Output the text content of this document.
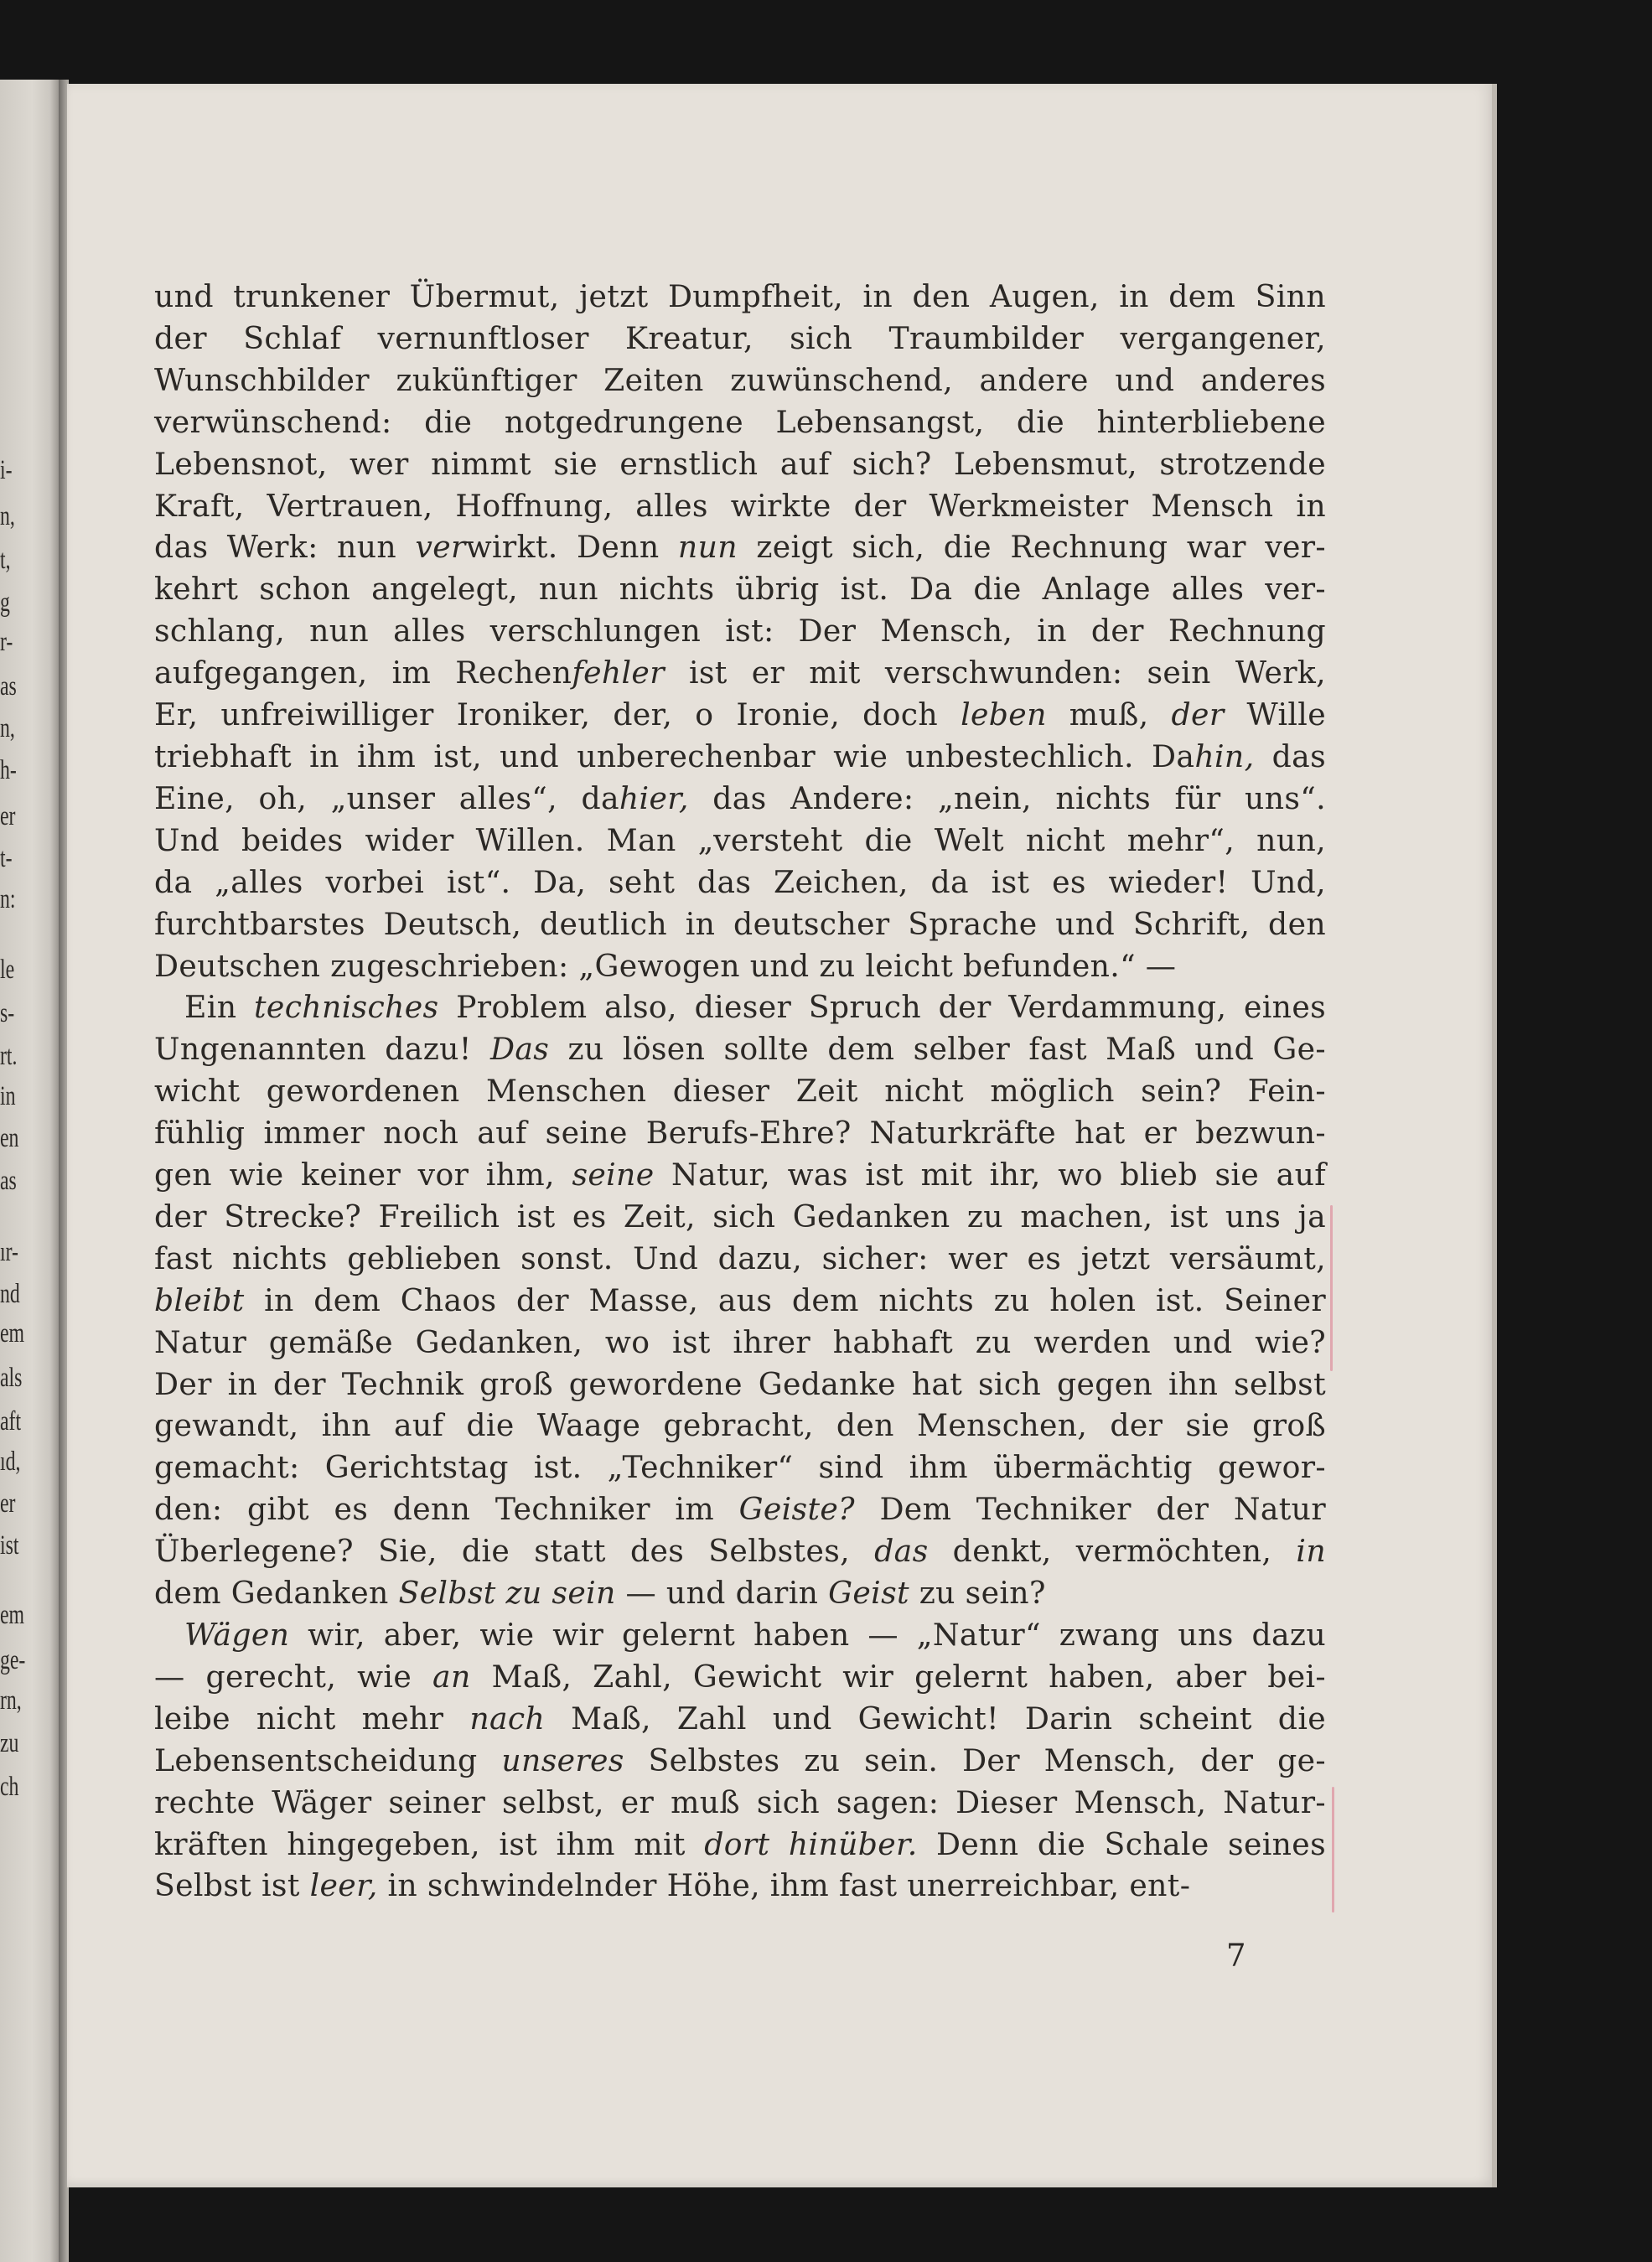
i-
n,
t,
g
r-
as
n,
h-
er
t-
n:
le
s-
rt.
in
en
as
ır-
nd
em
als
aft
ıd,
er
ist
em
ge-
rn,
zu
ch
und trunkener Übermut, jetzt Dumpfheit, in den Augen, in dem Sinn
der Schlaf vernunftloser Kreatur, sich Traumbilder vergangener,
Wunschbilder zukünftiger Zeiten zuwünschend, andere und anderes
verwünschend: die notgedrungene Lebensangst, die hinterbliebene
Lebensnot, wer nimmt sie ernstlich auf sich? Lebensmut, strotzende
Kraft, Vertrauen, Hoffnung, alles wirkte der Werkmeister Mensch in
das Werk: nun verwirkt. Denn nun zeigt sich, die Rechnung war ver-
kehrt schon angelegt, nun nichts übrig ist. Da die Anlage alles ver-
schlang, nun alles verschlungen ist: Der Mensch, in der Rechnung
aufgegangen, im Rechenfehler ist er mit verschwunden: sein Werk,
Er, unfreiwilliger Ironiker, der, o Ironie, doch leben muß, der Wille
triebhaft in ihm ist, und unberechenbar wie unbestechlich. Dahin, das
Eine, oh, „unser alles“, dahier, das Andere: „nein, nichts für uns“.
Und beides wider Willen. Man „versteht die Welt nicht mehr“, nun,
da „alles vorbei ist“. Da, seht das Zeichen, da ist es wieder! Und,
furchtbarstes Deutsch, deutlich in deutscher Sprache und Schrift, den
Deutschen zugeschrieben: „Gewogen und zu leicht befunden.“ —
Ein technisches Problem also, dieser Spruch der Verdammung, eines
Ungenannten dazu! Das zu lösen sollte dem selber fast Maß und Ge-
wicht gewordenen Menschen dieser Zeit nicht möglich sein? Fein-
fühlig immer noch auf seine Berufs-Ehre? Naturkräfte hat er bezwun-
gen wie keiner vor ihm, seine Natur, was ist mit ihr, wo blieb sie auf
der Strecke? Freilich ist es Zeit, sich Gedanken zu machen, ist uns ja
fast nichts geblieben sonst. Und dazu, sicher: wer es jetzt versäumt,
bleibt in dem Chaos der Masse, aus dem nichts zu holen ist. Seiner
Natur gemäße Gedanken, wo ist ihrer habhaft zu werden und wie?
Der in der Technik groß gewordene Gedanke hat sich gegen ihn selbst
gewandt, ihn auf die Waage gebracht, den Menschen, der sie groß
gemacht: Gerichtstag ist. „Techniker“ sind ihm übermächtig gewor-
den: gibt es denn Techniker im Geiste? Dem Techniker der Natur
Überlegene? Sie, die statt des Selbstes, das denkt, vermöchten, in
dem Gedanken Selbst zu sein — und darin Geist zu sein?
Wägen wir, aber, wie wir gelernt haben — „Natur“ zwang uns dazu
— gerecht, wie an Maß, Zahl, Gewicht wir gelernt haben, aber bei-
leibe nicht mehr nach Maß, Zahl und Gewicht! Darin scheint die
Lebensentscheidung unseres Selbstes zu sein. Der Mensch, der ge-
rechte Wäger seiner selbst, er muß sich sagen: Dieser Mensch, Natur-
kräften hingegeben, ist ihm mit dort hinüber. Denn die Schale seines
Selbst ist leer, in schwindelnder Höhe, ihm fast unerreichbar, ent-
7
